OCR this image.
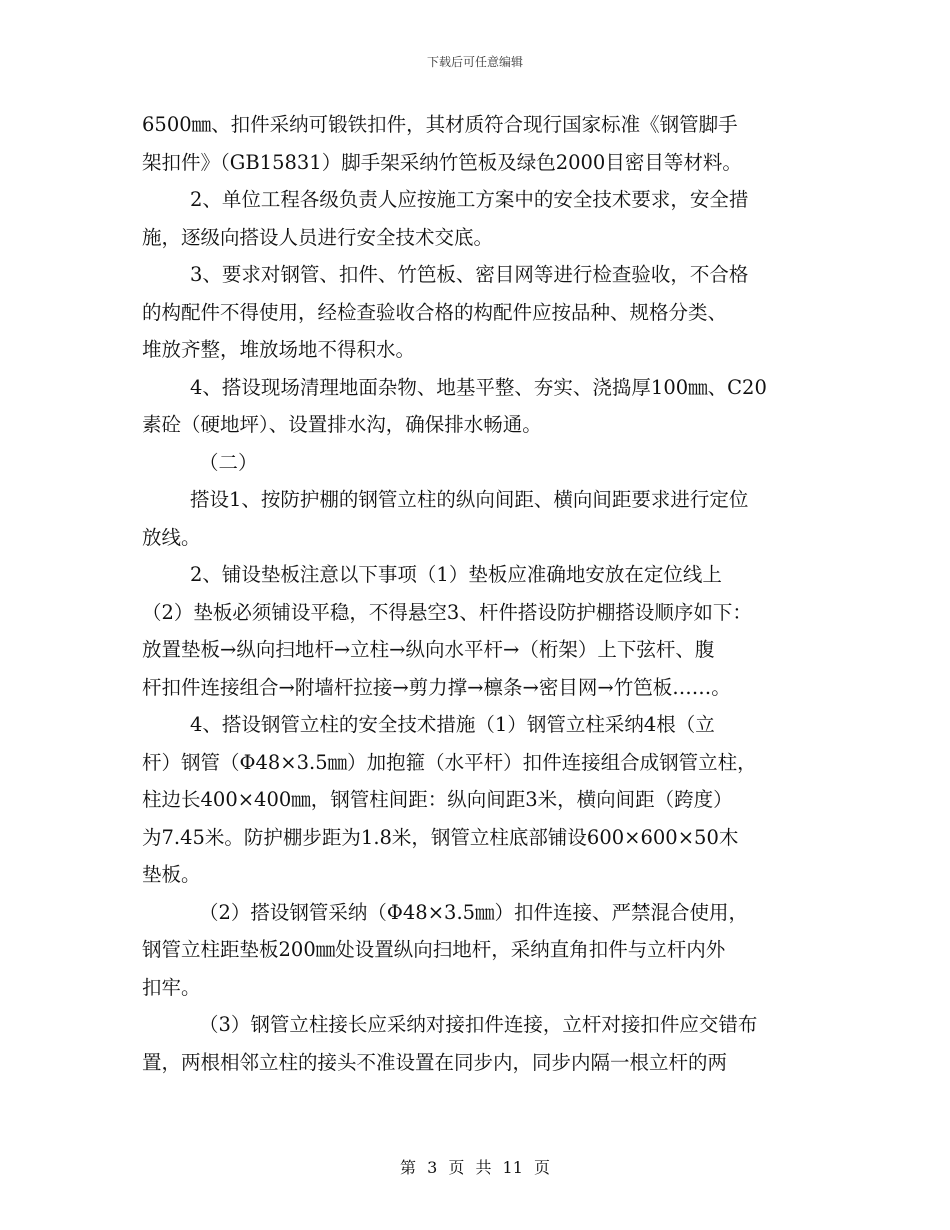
下载后可任意编辑
6500㎜、扣件采纳可锻铁扣件，其材质符合现行国家标准《钢管脚手
架扣件》（GB15831）脚手架采纳竹笆板及绿色2000目密目等材料。
2、单位工程各级负责人应按施工方案中的安全技术要求，安全措
施，逐级向搭设人员进行安全技术交底。
3、要求对钢管、扣件、竹笆板、密目网等进行检查验收，不合格
的构配件不得使用，经检查验收合格的构配件应按品种、规格分类、
堆放齐整，堆放场地不得积水。
4、搭设现场清理地面杂物、地基平整、夯实、浇捣厚100㎜、C20
素砼（硬地坪）、设置排水沟，确保排水畅通。
（二）
搭设1、按防护棚的钢管立柱的纵向间距、横向间距要求进行定位
放线。
2、铺设垫板注意以下事项（1）垫板应准确地安放在定位线上
（2）垫板必须铺设平稳，不得悬空3、杆件搭设防护棚搭设顺序如下：
放置垫板→纵向扫地杆→立柱→纵向水平杆→（桁架）上下弦杆、腹
杆扣件连接组合→附墙杆拉接→剪力撑→檩条→密目网→竹笆板……。
4、搭设钢管立柱的安全技术措施（1）钢管立柱采纳4根（立
杆）钢管（Φ48×3.5㎜）加抱箍（水平杆）扣件连接组合成钢管立柱，
柱边长400×400㎜，钢管柱间距：纵向间距3米，横向间距（跨度）
为7.45米。防护棚步距为1.8米，钢管立柱底部铺设600×600×50木
垫板。
（2）搭设钢管采纳（Φ48×3.5㎜）扣件连接、严禁混合使用，
钢管立柱距垫板200㎜处设置纵向扫地杆，采纳直角扣件与立杆内外
扣牢。
（3）钢管立柱接长应采纳对接扣件连接，立杆对接扣件应交错布
置，两根相邻立柱的接头不准设置在同步内，同步内隔一根立杆的两
第 3 页 共 11 页
